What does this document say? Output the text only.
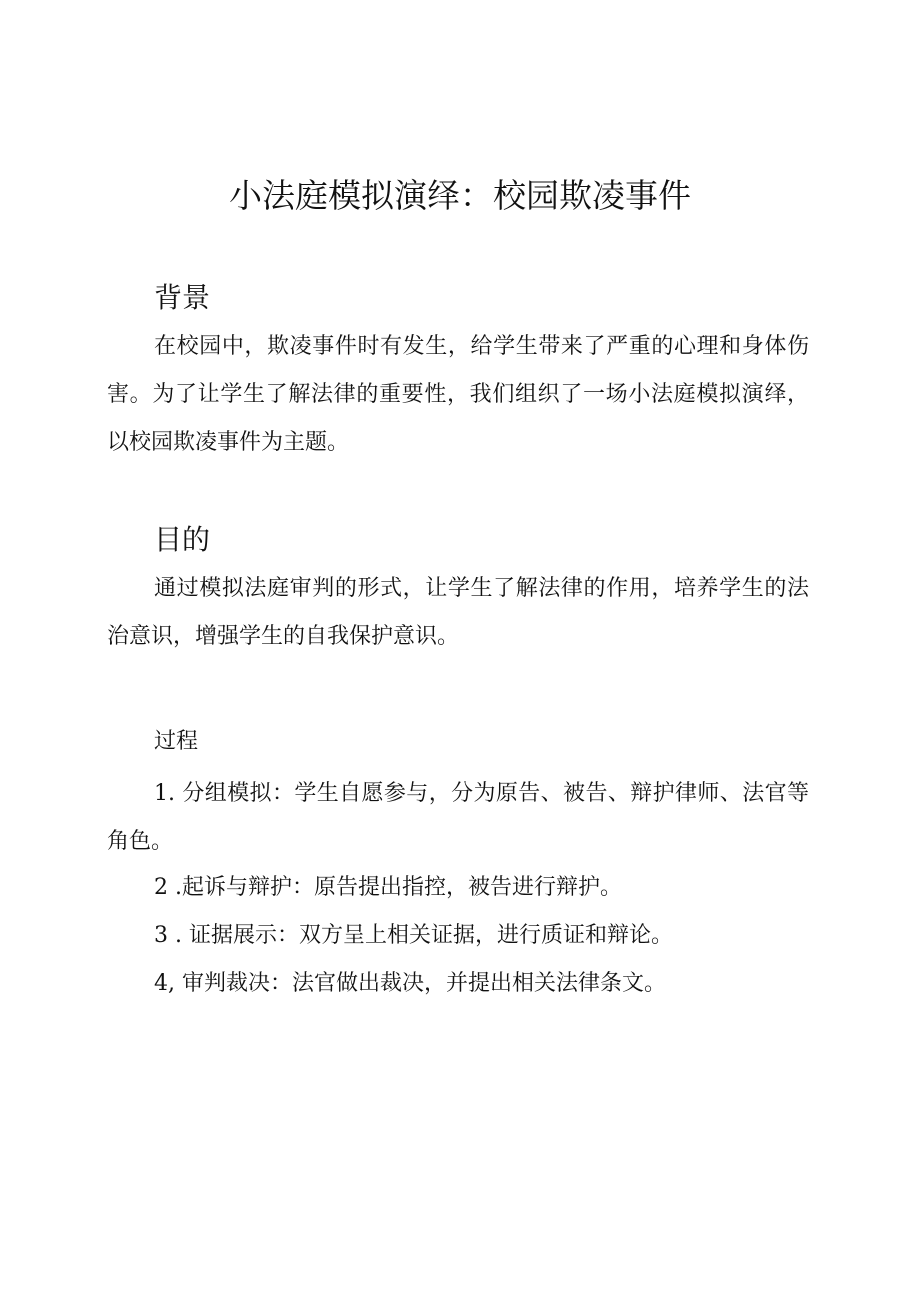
小法庭模拟演绎：校园欺凌事件
背景

在校园中，欺凌事件时有发生，给学生带来了严重的心理和身体伤害。为了让学生了解法律的重要性，我们组织了一场小法庭模拟演绎，以校园欺凌事件为主题。

目的

通过模拟法庭审判的形式，让学生了解法律的作用，培养学生的法治意识，增强学生的自我保护意识。

过程

1. 分组模拟：学生自愿参与，分为原告、被告、辩护律师、法官等角色。

2 .起诉与辩护：原告提出指控，被告进行辩护。

3 . 证据展示：双方呈上相关证据，进行质证和辩论。

4, 审判裁决：法官做出裁决，并提出相关法律条文。
